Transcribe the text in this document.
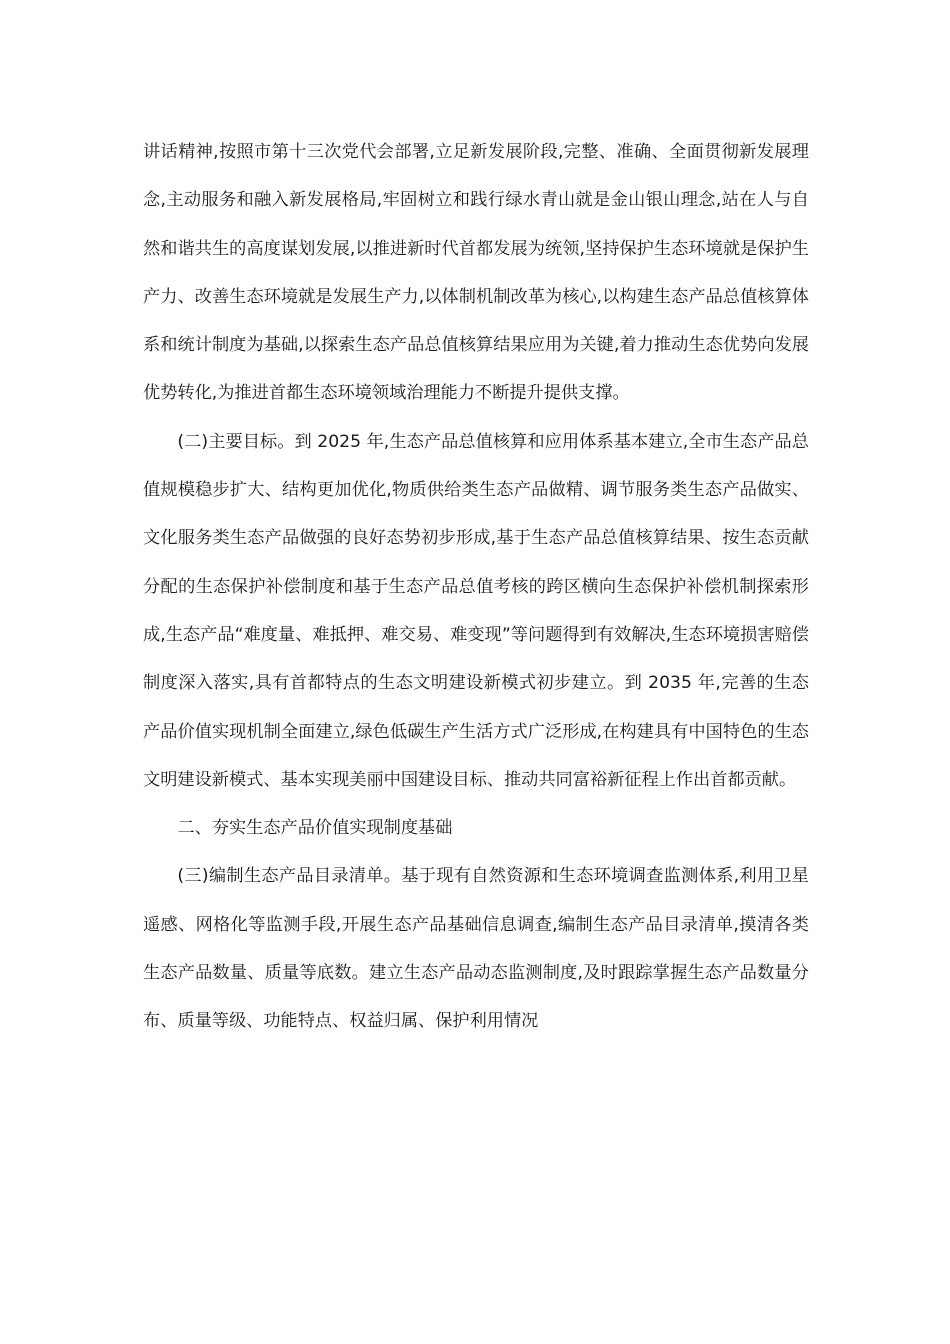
讲话精神,按照市第十三次党代会部署,立足新发展阶段,完整、准确、全面贯彻新发展理念,主动服务和融入新发展格局,牢固树立和践行绿水青山就是金山银山理念,站在人与自然和谐共生的高度谋划发展,以推进新时代首都发展为统领,坚持保护生态环境就是保护生产力、改善生态环境就是发展生产力,以体制机制改革为核心,以构建生态产品总值核算体系和统计制度为基础,以探索生态产品总值核算结果应用为关键,着力推动生态优势向发展优势转化,为推进首都生态环境领域治理能力不断提升提供支撑。

(二)主要目标。到 2025 年,生态产品总值核算和应用体系基本建立,全市生态产品总值规模稳步扩大、结构更加优化,物质供给类生态产品做精、调节服务类生态产品做实、文化服务类生态产品做强的良好态势初步形成,基于生态产品总值核算结果、按生态贡献分配的生态保护补偿制度和基于生态产品总值考核的跨区横向生态保护补偿机制探索形成,生态产品“难度量、难抵押、难交易、难变现”等问题得到有效解决,生态环境损害赔偿制度深入落实,具有首都特点的生态文明建设新模式初步建立。到 2035 年,完善的生态产品价值实现机制全面建立,绿色低碳生产生活方式广泛形成,在构建具有中国特色的生态文明建设新模式、基本实现美丽中国建设目标、推动共同富裕新征程上作出首都贡献。

二、夯实生态产品价值实现制度基础

(三)编制生态产品目录清单。基于现有自然资源和生态环境调查监测体系,利用卫星遥感、网格化等监测手段,开展生态产品基础信息调查,编制生态产品目录清单,摸清各类生态产品数量、质量等底数。建立生态产品动态监测制度,及时跟踪掌握生态产品数量分布、质量等级、功能特点、权益归属、保护利用情况
